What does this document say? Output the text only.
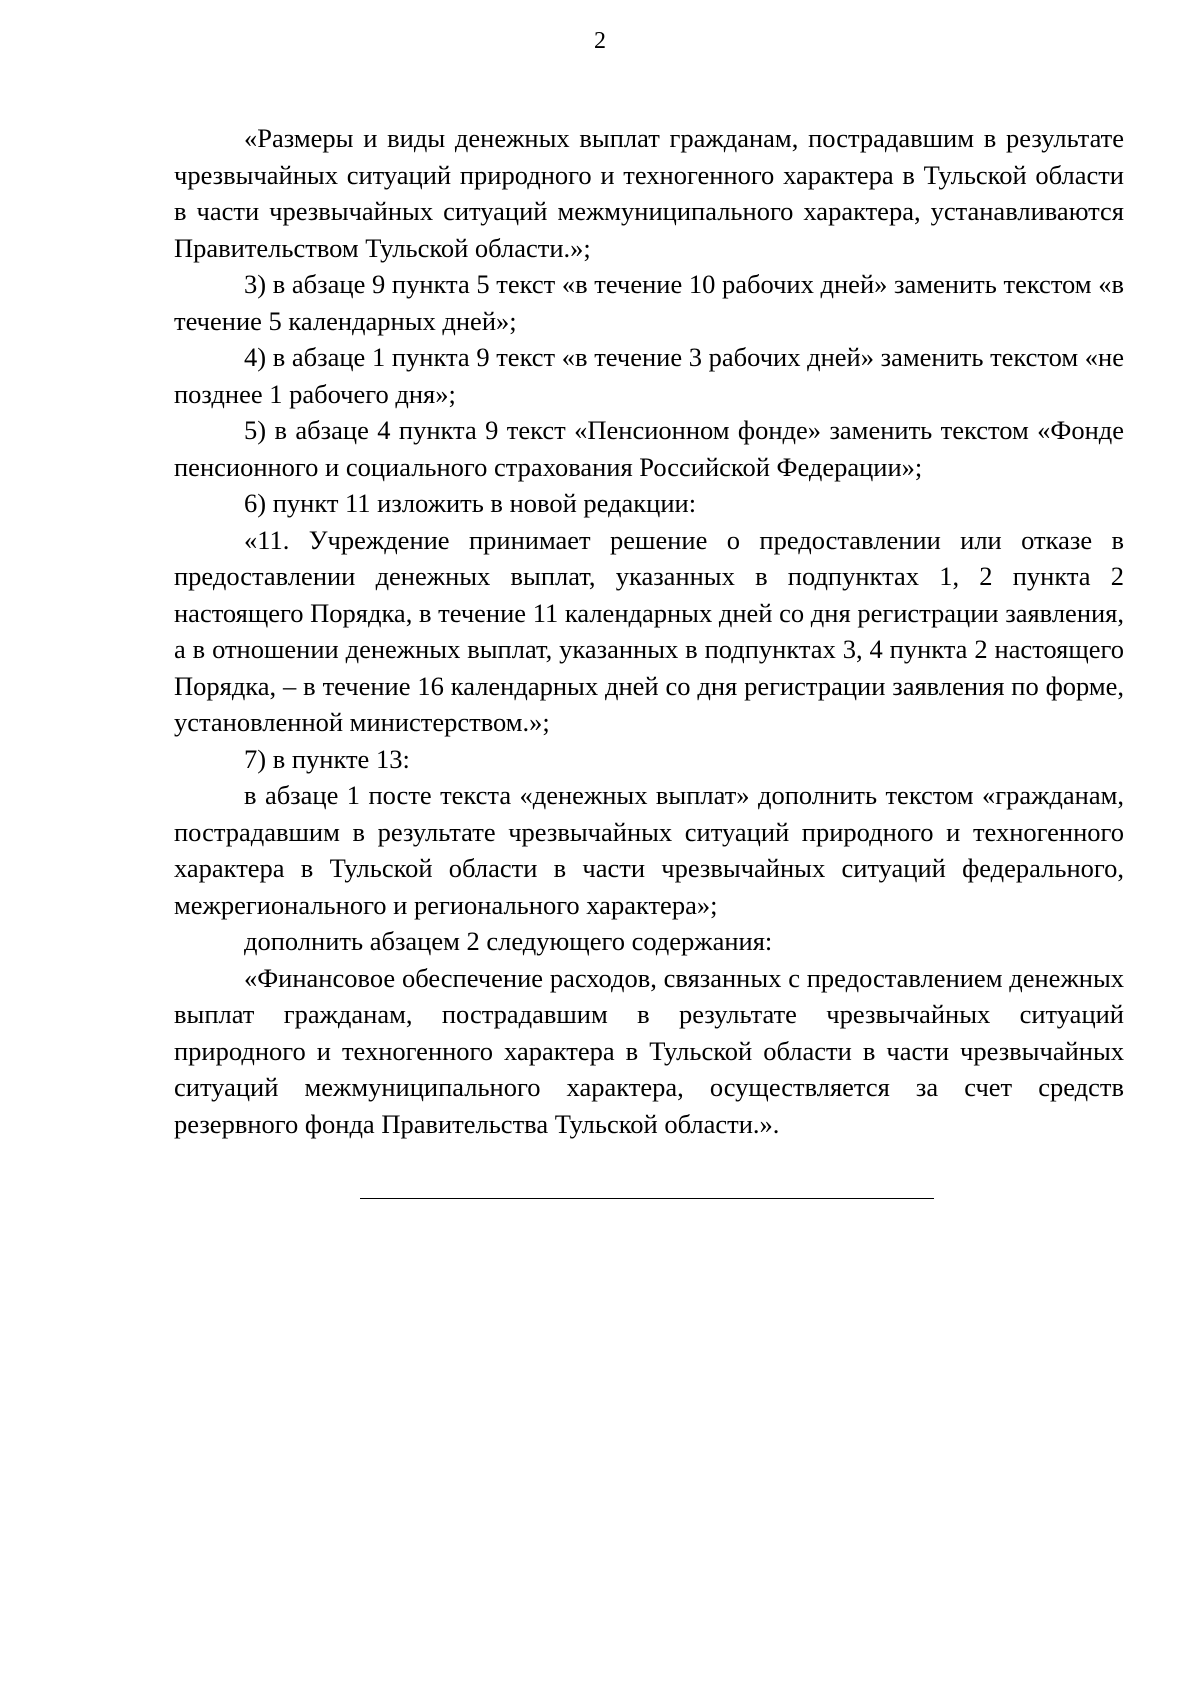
2

«Размеры и виды денежных выплат гражданам, пострадавшим в результате чрезвычайных ситуаций природного и техногенного характера в Тульской области в части чрезвычайных ситуаций межмуниципального характера, устанавливаются Правительством Тульской области.»;

3) в абзаце 9 пункта 5 текст «в течение 10 рабочих дней» заменить текстом «в течение 5 календарных дней»;

4) в абзаце 1 пункта 9 текст «в течение 3 рабочих дней» заменить текстом «не позднее 1 рабочего дня»;

5) в абзаце 4 пункта 9 текст «Пенсионном фонде» заменить текстом «Фонде пенсионного и социального страхования Российской Федерации»;

6) пункт 11 изложить в новой редакции:

«11. Учреждение принимает решение о предоставлении или отказе в предоставлении денежных выплат, указанных в подпунктах 1, 2 пункта 2 настоящего Порядка, в течение 11 календарных дней со дня регистрации заявления, а в отношении денежных выплат, указанных в подпунктах 3, 4 пункта 2 настоящего Порядка, – в течение 16 календарных дней со дня регистрации заявления по форме, установленной министерством.»;

7) в пункте 13:

в абзаце 1 посте текста «денежных выплат» дополнить текстом «гражданам, пострадавшим в результате чрезвычайных ситуаций природного и техногенного характера в Тульской области в части чрезвычайных ситуаций федерального, межрегионального и регионального характера»;

дополнить абзацем 2 следующего содержания:

«Финансовое обеспечение расходов, связанных с предоставлением денежных выплат гражданам, пострадавшим в результате чрезвычайных ситуаций природного и техногенного характера в Тульской области в части чрезвычайных ситуаций межмуниципального характера, осуществляется за счет средств резервного фонда Правительства Тульской области.».
